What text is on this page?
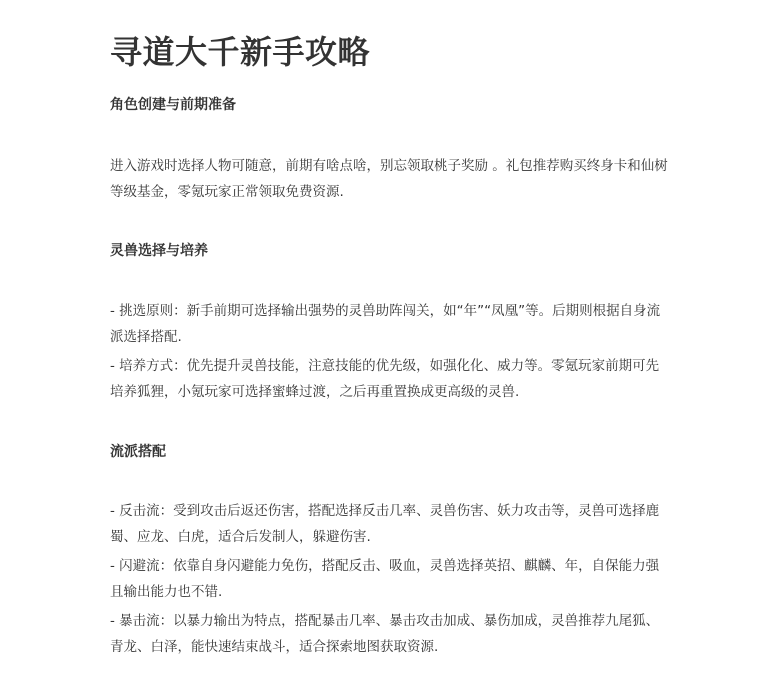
寻道大千新手攻略
角色创建与前期准备

进入游戏时选择人物可随意，前期有啥点啥，别忘领取桃子奖励 。礼包推荐购买终身卡和仙树等级基金，零氪玩家正常领取免费资源.

灵兽选择与培养

- 挑选原则：新手前期可选择输出强势的灵兽助阵闯关，如“年”“凤凰”等。后期则根据自身流派选择搭配.

- 培养方式：优先提升灵兽技能，注意技能的优先级，如强化化、威力等。零氪玩家前期可先培养狐狸，小氪玩家可选择蜜蜂过渡，之后再重置换成更高级的灵兽.

流派搭配

- 反击流：受到攻击后返还伤害，搭配选择反击几率、灵兽伤害、妖力攻击等，灵兽可选择鹿蜀、应龙、白虎，适合后发制人，躲避伤害.

- 闪避流：依靠自身闪避能力免伤，搭配反击、吸血，灵兽选择英招、麒麟、年，自保能力强且输出能力也不错.

- 暴击流：以暴力输出为特点，搭配暴击几率、暴击攻击加成、暴伤加成，灵兽推荐九尾狐、青龙、白泽，能快速结束战斗，适合探索地图获取资源.
